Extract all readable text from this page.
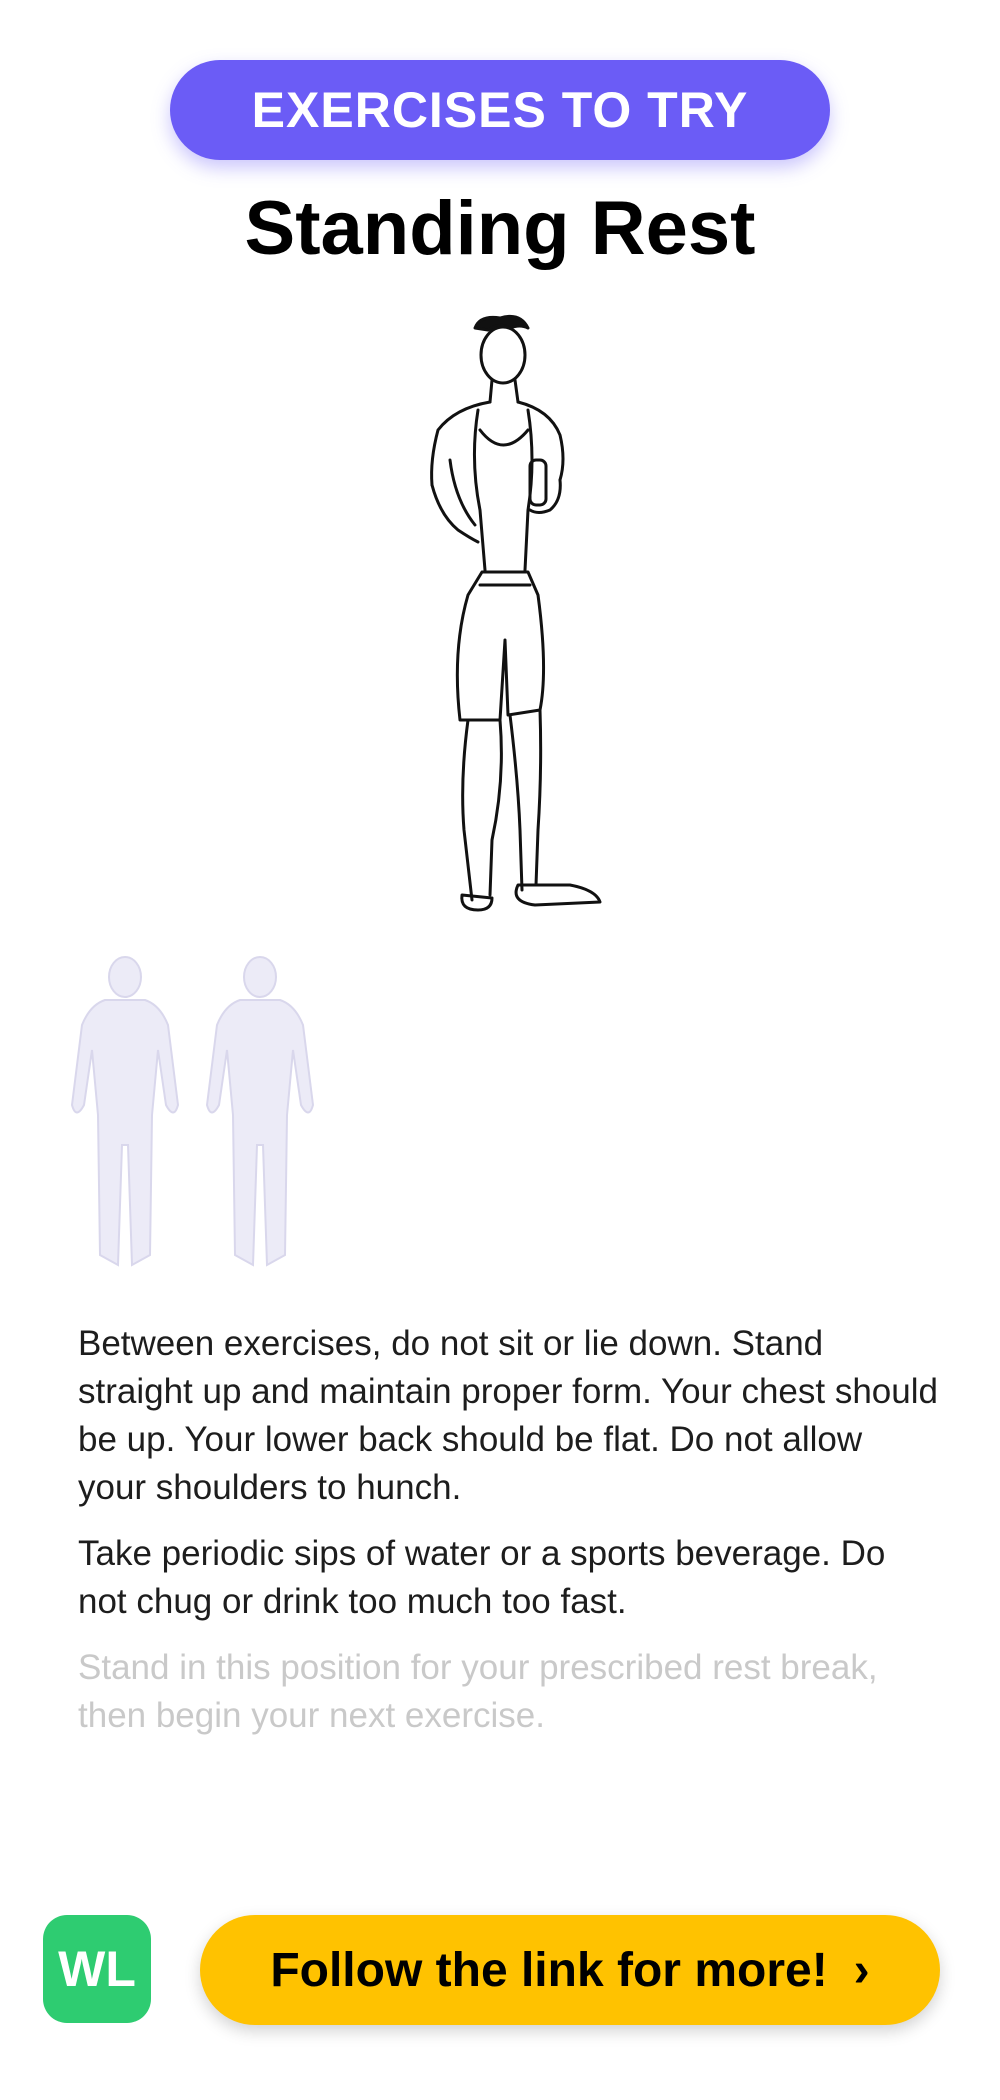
EXERCISES TO TRY
Standing Rest

Between exercises, do not sit or lie down. Stand straight up and maintain proper form. Your chest should be up. Your lower back should be flat. Do not allow your shoulders to hunch.

Take periodic sips of water or a sports beverage. Do not chug or drink too much too fast.

Stand in this position for your prescribed rest break, then begin your next exercise.

WL	Follow the link for more! ›
